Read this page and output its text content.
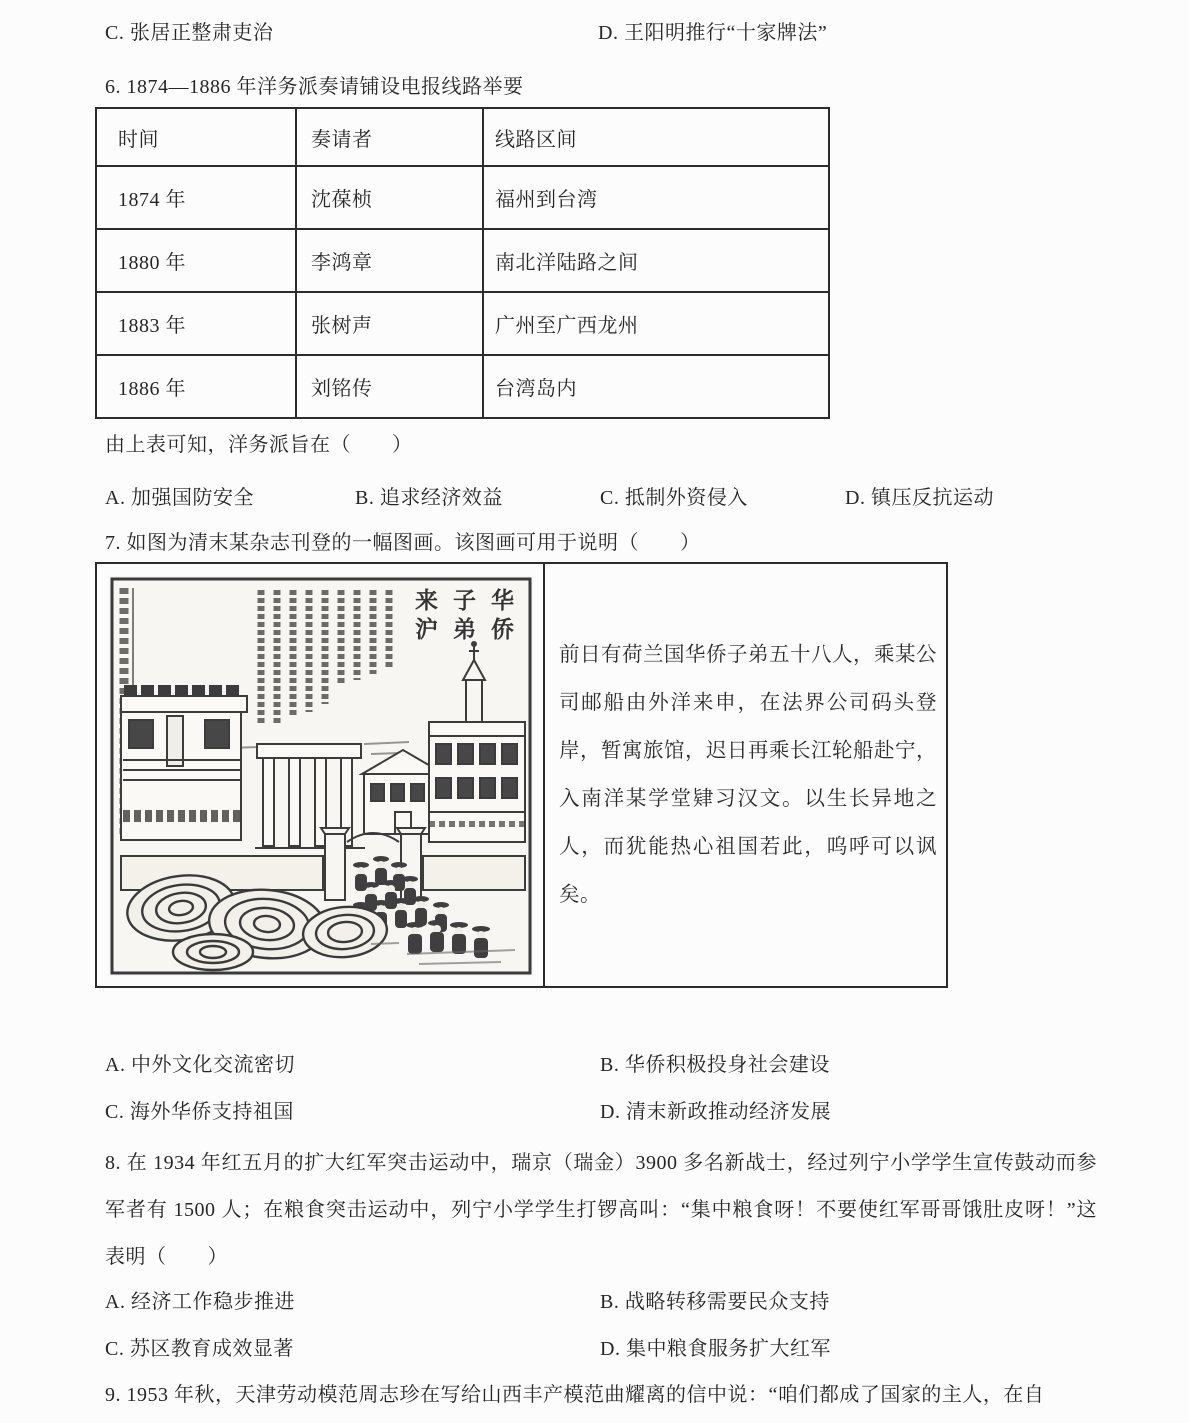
C. 张居正整肃吏治	D. 王阳明推行“十家牌法”
6. 1874—1886 年洋务派奏请铺设电报线路举要
时间	奏请者	线路区间
1874 年	沈葆桢	福州到台湾
1880 年	李鸿章	南北洋陆路之间
1883 年	张树声	广州至广西龙州
1886 年	刘铭传	台湾岛内
由上表可知，洋务派旨在（　　）
A. 加强国防安全	B. 追求经济效益	C. 抵制外资侵入	D. 镇压反抗运动
7. 如图为清末某杂志刊登的一幅图画。该图画可用于说明（　　）
来沪 子弟 华侨

前日有荷兰国华侨子弟五十八人，乘某公司邮船由外洋来申，在法界公司码头登岸，暂寓旅馆，迟日再乘长江轮船赴宁，入南洋某学堂肄习汉文。以生长异地之人，而犹能热心祖国若此，呜呼可以讽矣。

A. 中外文化交流密切	B. 华侨积极投身社会建设
C. 海外华侨支持祖国	D. 清末新政推动经济发展
8. 在 1934 年红五月的扩大红军突击运动中，瑞京（瑞金）3900 多名新战士，经过列宁小学学生宣传鼓动而参军者有 1500 人；在粮食突击运动中，列宁小学学生打锣高叫：“集中粮食呀！不要使红军哥哥饿肚皮呀！”这表明（　　）
A. 经济工作稳步推进	B. 战略转移需要民众支持
C. 苏区教育成效显著	D. 集中粮食服务扩大红军
9. 1953 年秋，天津劳动模范周志珍在写给山西丰产模范曲耀离的信中说：“咱们都成了国家的主人，在自
